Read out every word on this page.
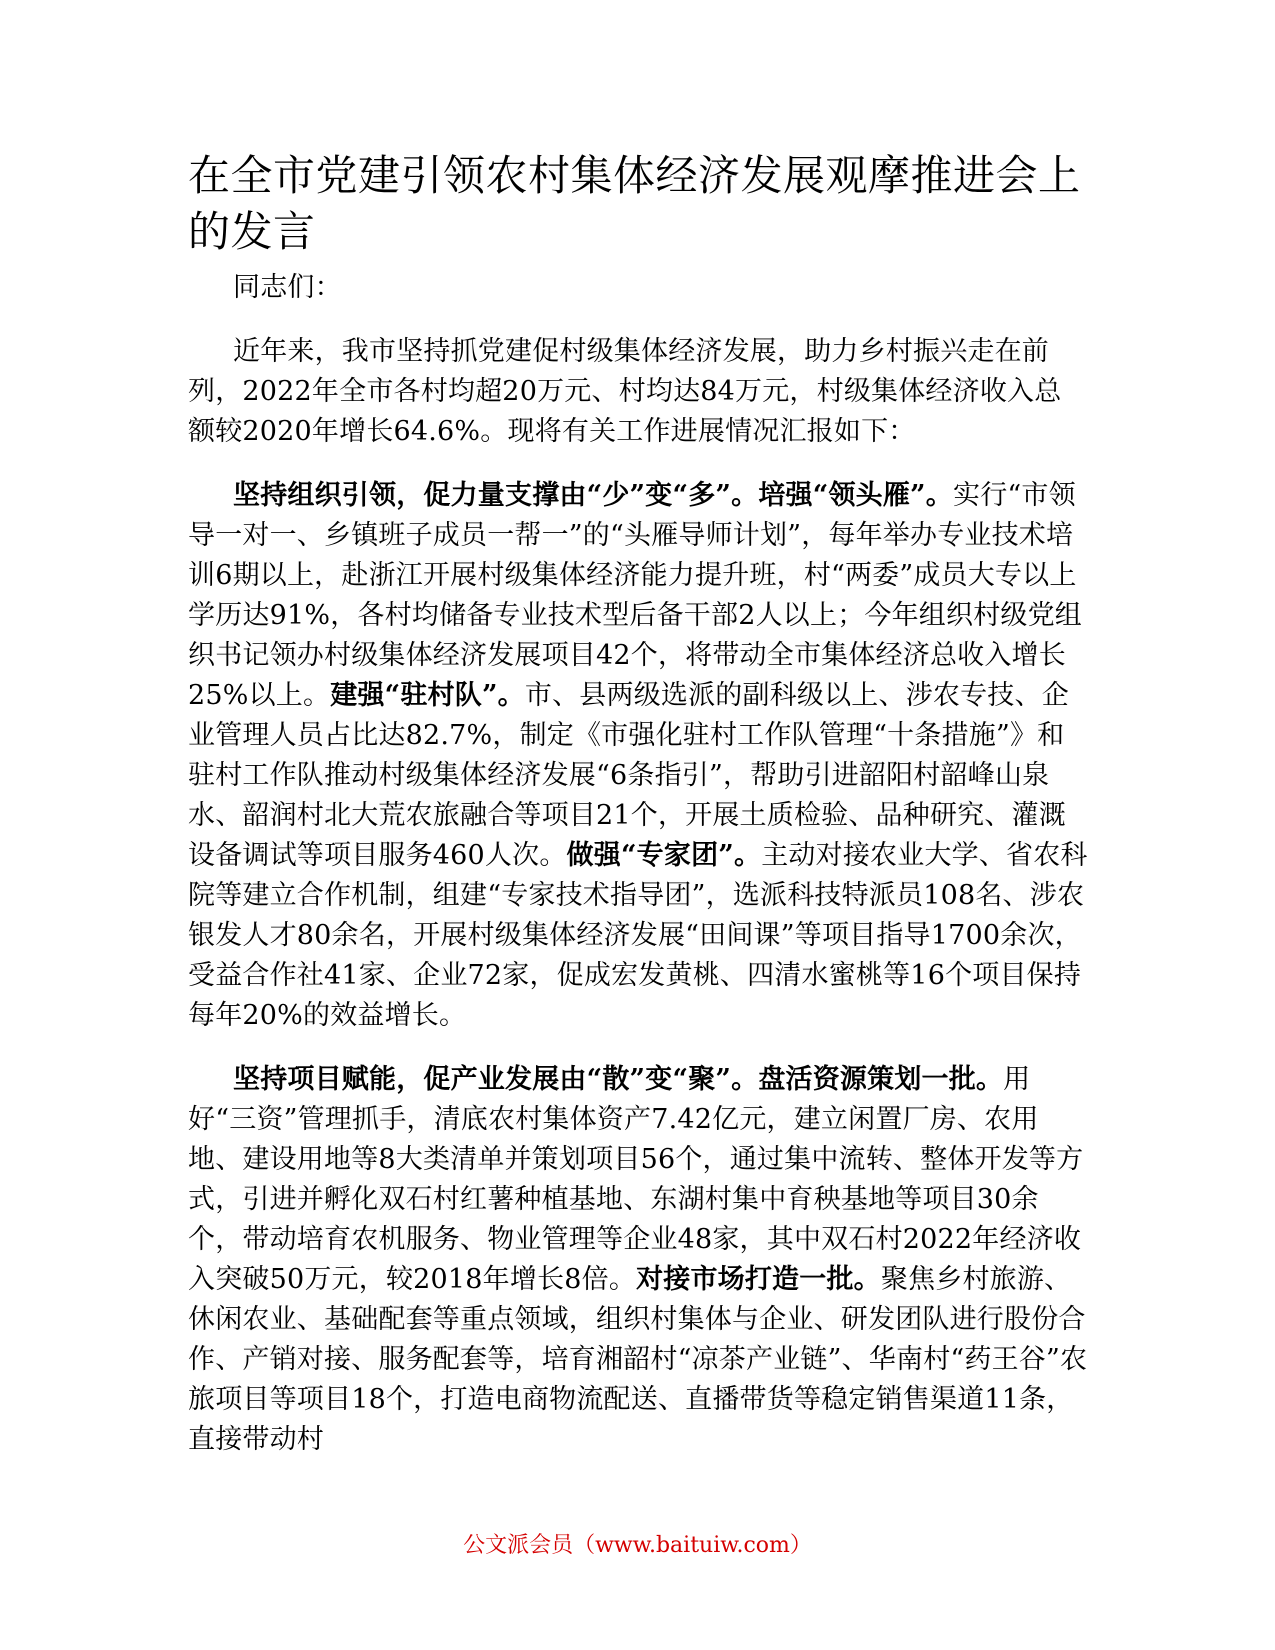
在全市党建引领农村集体经济发展观摩推进会上的发言

同志们：

近年来，我市坚持抓党建促村级集体经济发展，助力乡村振兴走在前列，2022年全市各村均超20万元、村均达84万元，村级集体经济收入总额较2020年增长64.6%。现将有关工作进展情况汇报如下：

坚持组织引领，促力量支撑由“少”变“多”。培强“领头雁”。实行“市领导一对一、乡镇班子成员一帮一”的“头雁导师计划”，每年举办专业技术培训6期以上，赴浙江开展村级集体经济能力提升班，村“两委”成员大专以上学历达91%，各村均储备专业技术型后备干部2人以上；今年组织村级党组织书记领办村级集体经济发展项目42个，将带动全市集体经济总收入增长25%以上。建强“驻村队”。市、县两级选派的副科级以上、涉农专技、企业管理人员占比达82.7%，制定《市强化驻村工作队管理“十条措施”》和驻村工作队推动村级集体经济发展“6条指引”，帮助引进韶阳村韶峰山泉水、韶润村北大荒农旅融合等项目21个，开展土质检验、品种研究、灌溉设备调试等项目服务460人次。做强“专家团”。主动对接农业大学、省农科院等建立合作机制，组建“专家技术指导团”，选派科技特派员108名、涉农银发人才80余名，开展村级集体经济发展“田间课”等项目指导1700余次，受益合作社41家、企业72家，促成宏发黄桃、四清水蜜桃等16个项目保持每年20%的效益增长。

坚持项目赋能，促产业发展由“散”变“聚”。盘活资源策划一批。用好“三资”管理抓手，清底农村集体资产7.42亿元，建立闲置厂房、农用地、建设用地等8大类清单并策划项目56个，通过集中流转、整体开发等方式，引进并孵化双石村红薯种植基地、东湖村集中育秧基地等项目30余个，带动培育农机服务、物业管理等企业48家，其中双石村2022年经济收入突破50万元，较2018年增长8倍。对接市场打造一批。聚焦乡村旅游、休闲农业、基础配套等重点领域，组织村集体与企业、研发团队进行股份合作、产销对接、服务配套等，培育湘韶村“凉茶产业链”、华南村“药王谷”农旅项目等项目18个，打造电商物流配送、直播带货等稳定销售渠道11条，直接带动村

公文派会员（www.baituiw.com）
